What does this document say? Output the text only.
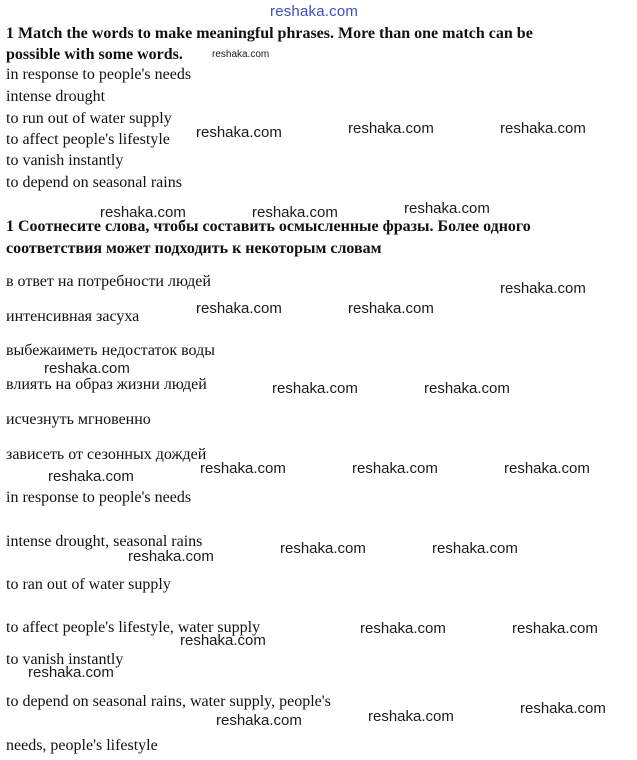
reshaka.com
1 Match the words to make meaningful phrases. More than one match can be
possible with some words.	reshaka.com
in response to people's needs
intense drought
to run out of water supply
to affect people's lifestyle
to vanish instantly
to depend on seasonal rains
reshaka.com	reshaka.com	reshaka.com
reshaka.com	reshaka.com	reshaka.com
1 Соотнесите слова, чтобы составить осмысленные фразы. Более одного
соответствия может подходить к некоторым словам
в ответ на потребности людей	reshaka.com
интенсивная засуха	reshaka.com	reshaka.com
выбежаиметь недостаток воды
reshaka.com
влиять на образ жизни людей	reshaka.com	reshaka.com
исчезнуть мгновенно
зависеть от сезонных дождей
reshaka.com	reshaka.com	reshaka.com	reshaka.com
in response to people's needs
intense drought, seasonal rains
reshaka.com	reshaka.com	reshaka.com
to ran out of water supply
to affect people's lifestyle, water supply
reshaka.com
reshaka.com	reshaka.com
to vanish instantly
reshaka.com
to depend on seasonal rains, water supply, people's
reshaka.com	reshaka.com	reshaka.com
needs, people's lifestyle
